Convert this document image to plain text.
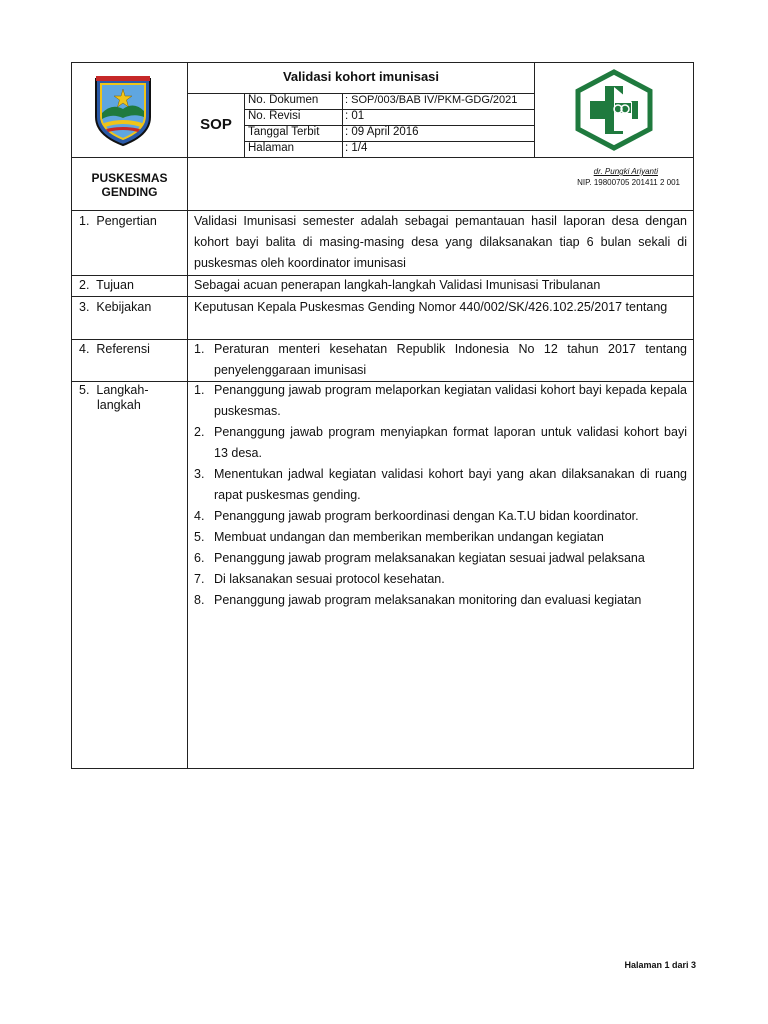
Validasi kohort imunisasi
SOP
No. Dokumen : SOP/003/BAB IV/PKM-GDG/2021
No. Revisi	: 01
Tanggal Terbit : 09 April 2016
Halaman	: 1/4
PUSKESMAS
GENDING
dr. Pungki Ariyanti
NIP. 19800705 201411 2 001
1.  Pengertian	Validasi Imunisasi semester adalah sebagai pemantauan hasil laporan desa dengan kohort bayi balita di masing-masing desa yang dilaksanakan tiap 6 bulan sekali di puskesmas oleh koordinator imunisasi
2.  Tujuan	Sebagai acuan penerapan langkah-langkah Validasi Imunisasi Tribulanan
3.  Kebijakan	Keputusan Kepala Puskesmas Gending Nomor 440/002/SK/426.102.25/2017 tentang
4.  Referensi	1. Peraturan menteri kesehatan Republik Indonesia No 12 tahun 2017 tentang penyelenggaraan imunisasi
5.  Langkah-
langkah
1. Penanggung jawab program melaporkan kegiatan validasi kohort bayi kepada kepala puskesmas.
2. Penanggung jawab program menyiapkan format laporan untuk validasi kohort bayi 13 desa.
3. Menentukan jadwal kegiatan validasi kohort bayi yang akan dilaksanakan di ruang rapat puskesmas gending.
4. Penanggung jawab program berkoordinasi dengan Ka.T.U bidan koordinator.
5. Membuat undangan dan memberikan memberikan undangan kegiatan
6. Penanggung jawab program melaksanakan kegiatan sesuai jadwal pelaksana
7. Di laksanakan sesuai protocol kesehatan.
8. Penanggung jawab program melaksanakan monitoring dan evaluasi kegiatan
Halaman 1 dari 3
